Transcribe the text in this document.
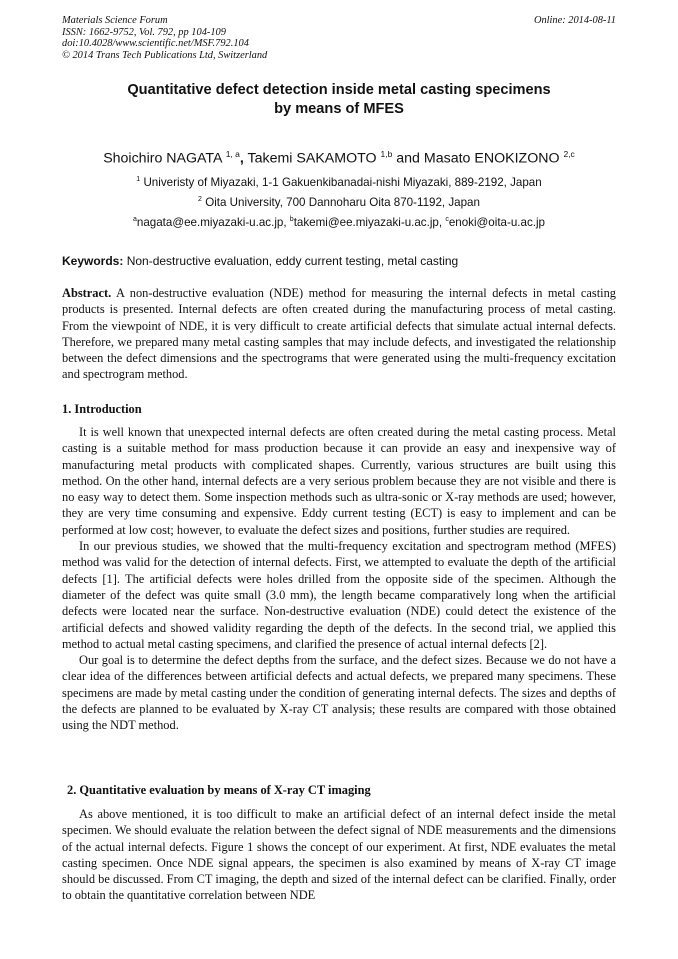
Materials Science Forum
ISSN: 1662-9752, Vol. 792, pp 104-109
doi:10.4028/www.scientific.net/MSF.792.104
© 2014 Trans Tech Publications Ltd, Switzerland
Online: 2014-08-11
Quantitative defect detection inside metal casting specimens
by means of MFES
Shoichiro NAGATA $^{1, a}$, Takemi SAKAMOTO $^{1,b}$ and Masato ENOKIZONO $^{2,c}$
$^1$ Univeristy of Miyazaki, 1-1 Gakuenkibanadai-nishi Miyazaki, 889-2192, Japan
$^2$ Oita University, 700 Dannoharu Oita 870-1192, Japan
$^a$nagata@ee.miyazaki-u.ac.jp, $^b$takemi@ee.miyazaki-u.ac.jp, $^c$enoki@oita-u.ac.jp
Keywords: Non-destructive evaluation, eddy current testing, metal casting

Abstract. A non-destructive evaluation (NDE) method for measuring the internal defects in metal casting products is presented. Internal defects are often created during the manufacturing process of metal casting. From the viewpoint of NDE, it is very difficult to create artificial defects that simulate actual internal defects. Therefore, we prepared many metal casting samples that may include defects, and investigated the relationship between the defect dimensions and the spectrograms that were generated using the multi-frequency excitation and spectrogram method.

1. Introduction

It is well known that unexpected internal defects are often created during the metal casting process. Metal casting is a suitable method for mass production because it can provide an easy and inexpensive way of manufacturing metal products with complicated shapes. Currently, various structures are built using this method. On the other hand, internal defects are a very serious problem because they are not visible and there is no easy way to detect them. Some inspection methods such as ultra-sonic or X-ray methods are used; however, they are very time consuming and expensive. Eddy current testing (ECT) is easy to implement and can be performed at low cost; however, to evaluate the defect sizes and positions, further studies are required.

In our previous studies, we showed that the multi-frequency excitation and spectrogram method (MFES) method was valid for the detection of internal defects. First, we attempted to evaluate the depth of the artificial defects [1]. The artificial defects were holes drilled from the opposite side of the specimen. Although the diameter of the defect was quite small (3.0 mm), the length became comparatively long when the artificial defects were located near the surface. Non-destructive evaluation (NDE) could detect the existence of the artificial defects and showed validity regarding the depth of the defects. In the second trial, we applied this method to actual metal casting specimens, and clarified the presence of actual internal defects [2].

Our goal is to determine the defect depths from the surface, and the defect sizes. Because we do not have a clear idea of the differences between artificial defects and actual defects, we prepared many specimens. These specimens are made by metal casting under the condition of generating internal defects. The sizes and depths of the defects are planned to be evaluated by X-ray CT analysis; these results are compared with those obtained using the NDT method.

2. Quantitative evaluation by means of X-ray CT imaging

As above mentioned, it is too difficult to make an artificial defect of an internal defect inside the metal specimen. We should evaluate the relation between the defect signal of NDE measurements and the dimensions of the actual internal defects. Figure 1 shows the concept of our experiment. At first, NDE evaluates the metal casting specimen. Once NDE signal appears, the specimen is also examined by means of X-ray CT image should be discussed. From CT imaging, the depth and sized of the internal defect can be clarified. Finally, order to obtain the quantitative correlation between NDE
